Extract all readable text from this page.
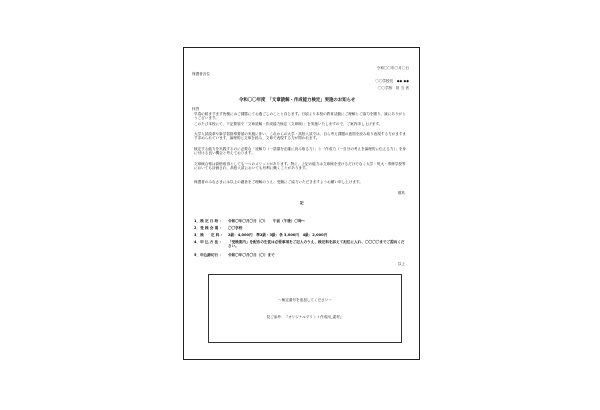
令和〇〇年〇月〇日
保護者各位
〇〇学校長　◆◆ ◆◆
〇〇学校　担 当 者
令和〇〇年度　「文章読解・作成能力検定」実施のお知らせ
拝啓
早春の候ますます皆様にはご健勝にてお過ごしのことと存じます。日頃より本校の教育活動にご理解とご協力を賜り、誠にありがとうございます。
このたび本校にて、下記要領で「文章読解・作成能力検定（文章検）」を実施いたしますので、ご案内申し上げます。
大学入試改革や新学習指導要領の実施に伴い、これからの大学・高校入試では、自ら考え課題の意図を読み取り表現する力がますます求められています。論理的に文章を読み、文章で表現する力が問われます。
検定する能力を実践するのに必要な「読解力（一語彙を正確に読み取る力）」と「作成力（一自分の考えを論理的に伝える力）」を身に付ける良い機会と考えております。
文章検合格は資格取得としても一つのメリットがあります。特に、上記の能力は文章検を受けるだけでなく大学・短大・専修学校等においても評価され、高校入試においても有利に働くことがあります。
保護者のみなさまには以上の趣旨をご理解のうえ、受験にご協力いただきますようお願い申し上げます。
敬具
記
1．検 定 日 時 ： 令和〇年〇月〇日（〇）　　午前（午後）〇時〜
2．受 検 会 場 ： 〇〇学校
3．検　　定 料 ： 2級：4,000円　準2級・3級：各 3,000円　4級：2,000円
4．申 込 方 法 ： 「受検案内」を配布の生徒は必要事項をご記入のうえ、検定料を添えて担任に入れ、〇〇〇〇までご提出ください。
5．申込締切日 ： 令和〇年〇月〇日（〇）まで
以上
〜検定番号を追加してください〜
見ご参考：『オリジナルプリント作成用_素材』
